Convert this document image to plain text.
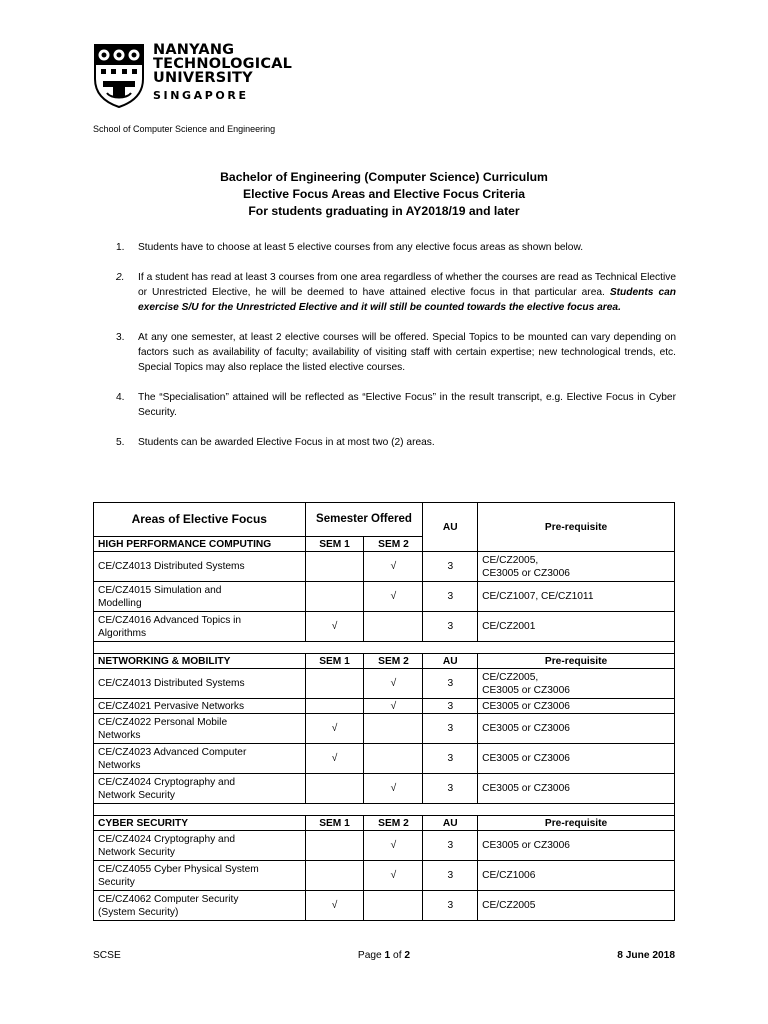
NANYANG
TECHNOLOGICAL
UNIVERSITY
SINGAPORE
School of Computer Science and Engineering
Bachelor of Engineering (Computer Science) Curriculum
Elective Focus Areas and Elective Focus Criteria
For students graduating in AY2018/19 and later
1. Students have to choose at least 5 elective courses from any elective focus areas as shown below.
2. If a student has read at least 3 courses from one area regardless of whether the courses are read as Technical Elective or Unrestricted Elective, he will be deemed to have attained elective focus in that particular area. Students can exercise S/U for the Unrestricted Elective and it will still be counted towards the elective focus area.
3. At any one semester, at least 2 elective courses will be offered. Special Topics to be mounted can vary depending on factors such as availability of faculty; availability of visiting staff with certain expertise; new technological trends, etc. Special Topics may also replace the listed elective courses.
4. The “Specialisation” attained will be reflected as “Elective Focus” in the result transcript, e.g. Elective Focus in Cyber Security.
5. Students can be awarded Elective Focus in at most two (2) areas.
Areas of Elective Focus	Semester Offered		AU	Pre-requisite
HIGH PERFORMANCE COMPUTING	SEM 1	SEM 2		
CE/CZ4013 Distributed Systems		√	3	CE/CZ2005,
CE3005 or CZ3006
CE/CZ4015 Simulation and
Modelling		√	3	CE/CZ1007, CE/CZ1011
CE/CZ4016 Advanced Topics in
Algorithms	√		3	CE/CZ2001

NETWORKING & MOBILITY	SEM 1	SEM 2	AU	Pre-requisite
CE/CZ4013 Distributed Systems		√	3	CE/CZ2005,
CE3005 or CZ3006
CE/CZ4021 Pervasive Networks		√	3	CE3005 or CZ3006
CE/CZ4022 Personal Mobile
Networks	√		3	CE3005 or CZ3006
CE/CZ4023 Advanced Computer
Networks	√		3	CE3005 or CZ3006
CE/CZ4024 Cryptography and
Network Security		√	3	CE3005 or CZ3006

CYBER SECURITY	SEM 1	SEM 2	AU	Pre-requisite
CE/CZ4024 Cryptography and
Network Security		√	3	CE3005 or CZ3006
CE/CZ4055 Cyber Physical System
Security		√	3	CE/CZ1006
CE/CZ4062 Computer Security
(System Security)	√		3	CE/CZ2005
SCSE	Page 1 of 2	8 June 2018
